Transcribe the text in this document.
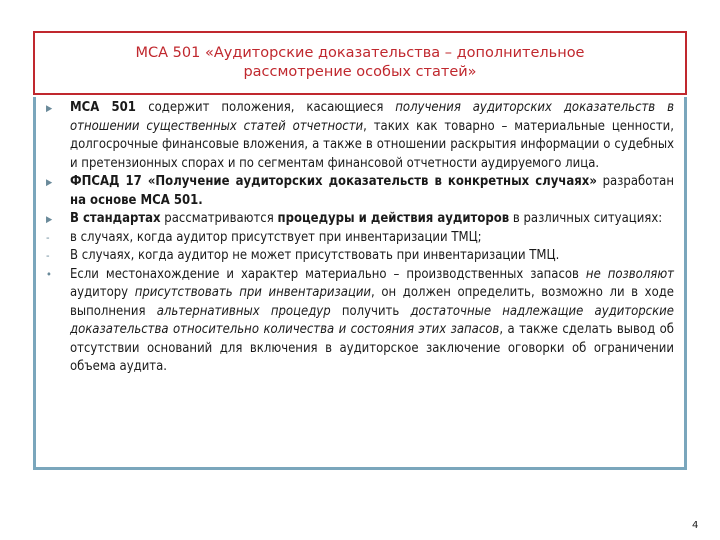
МСА 501 «Аудиторские доказательства – дополнительное
рассмотрение особых статей»
▶	МСА 501 содержит положения, касающиеся получения аудиторских доказательств в отношении существенных статей отчетности, таких как товарно – материальные ценности, долгосрочные финансовые вложения, а также в отношении раскрытия информации о судебных и претензионных спорах и по сегментам финансовой отчетности аудируемого лица.
▶	ФПСАД 17 «Получение аудиторских доказательств в конкретных случаях» разработан на основе МСА 501.
▶	В стандартах рассматриваются процедуры и действия аудиторов в различных ситуациях:
-	в случаях, когда аудитор присутствует при инвентаризации ТМЦ;
-	В случаях, когда аудитор не может присутствовать при инвентаризации ТМЦ.
•	Если местонахождение и характер материально – производственных запасов не позволяют аудитору присутствовать при инвентаризации, он должен определить, возможно ли в ходе выполнения альтернативных процедур получить достаточные надлежащие аудиторские доказательства относительно количества и состояния этих запасов, а также сделать вывод об отсутствии оснований для включения в аудиторское заключение оговорки об ограничении объема аудита.
4
